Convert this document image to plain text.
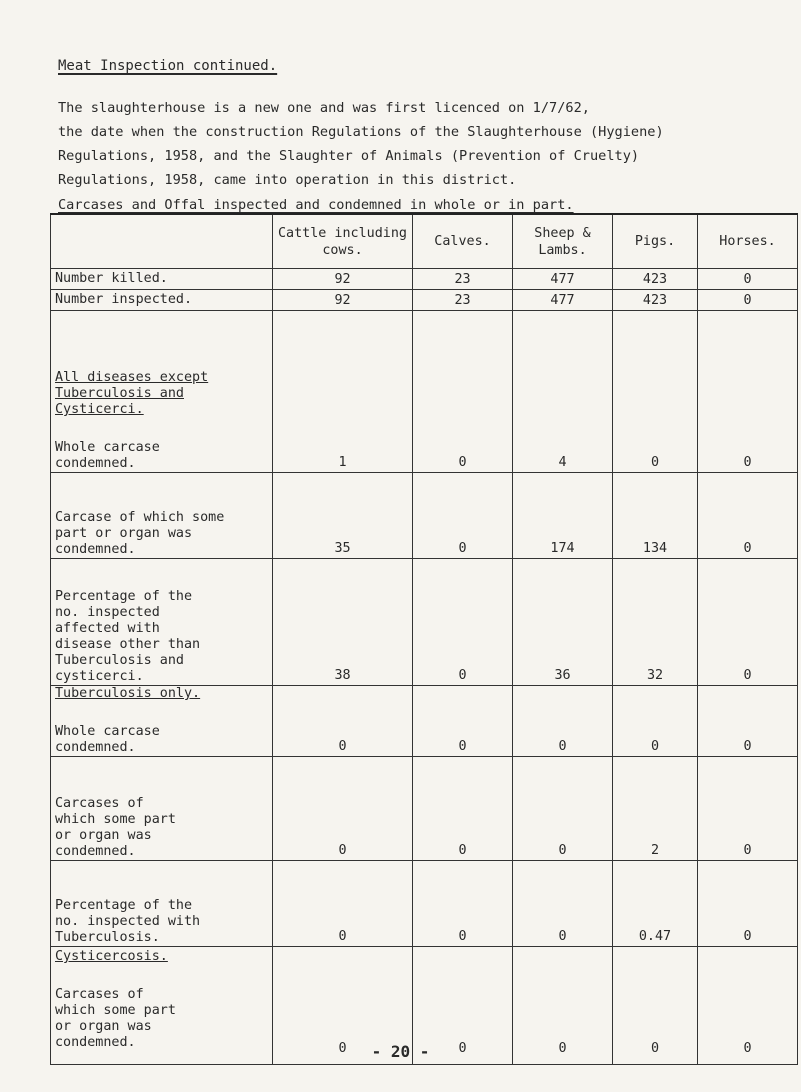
Meat Inspection continued.

The slaughterhouse is a new one and was first licenced on 1/7/62,

the date when the construction Regulations of the Slaughterhouse (Hygiene)

Regulations, 1958, and the Slaughter of Animals (Prevention of Cruelty)

Regulations, 1958, came into operation in this district.

Carcases and Offal inspected and condemned in whole or in part.
	Cattle including cows.	Calves.	Sheep & Lambs.	Pigs.	Horses.
Number killed.	92	23	477	423	0
Number inspected.	92	23	477	423	0

All diseases except
Tuberculosis and
Cysticerci.
Whole carcase condemned.	1	0	4	0	0

Carcase of which some part or organ was condemned.	35	0	174	134	0

Percentage of the no. inspected affected with disease other than Tuberculosis and cysticerci.	38	0	36	32	0

Tuberculosis only.
Whole carcase condemned.	0	0	0	0	0

Carcases of which some part or organ was condemned.	0	0	0	2	0

Percentage of the no. inspected with Tuberculosis.	0	0	0	0.47	0

Cysticercosis.
Carcases of which some part or organ was condemned.	0	0	0	0	0
- 20 -
